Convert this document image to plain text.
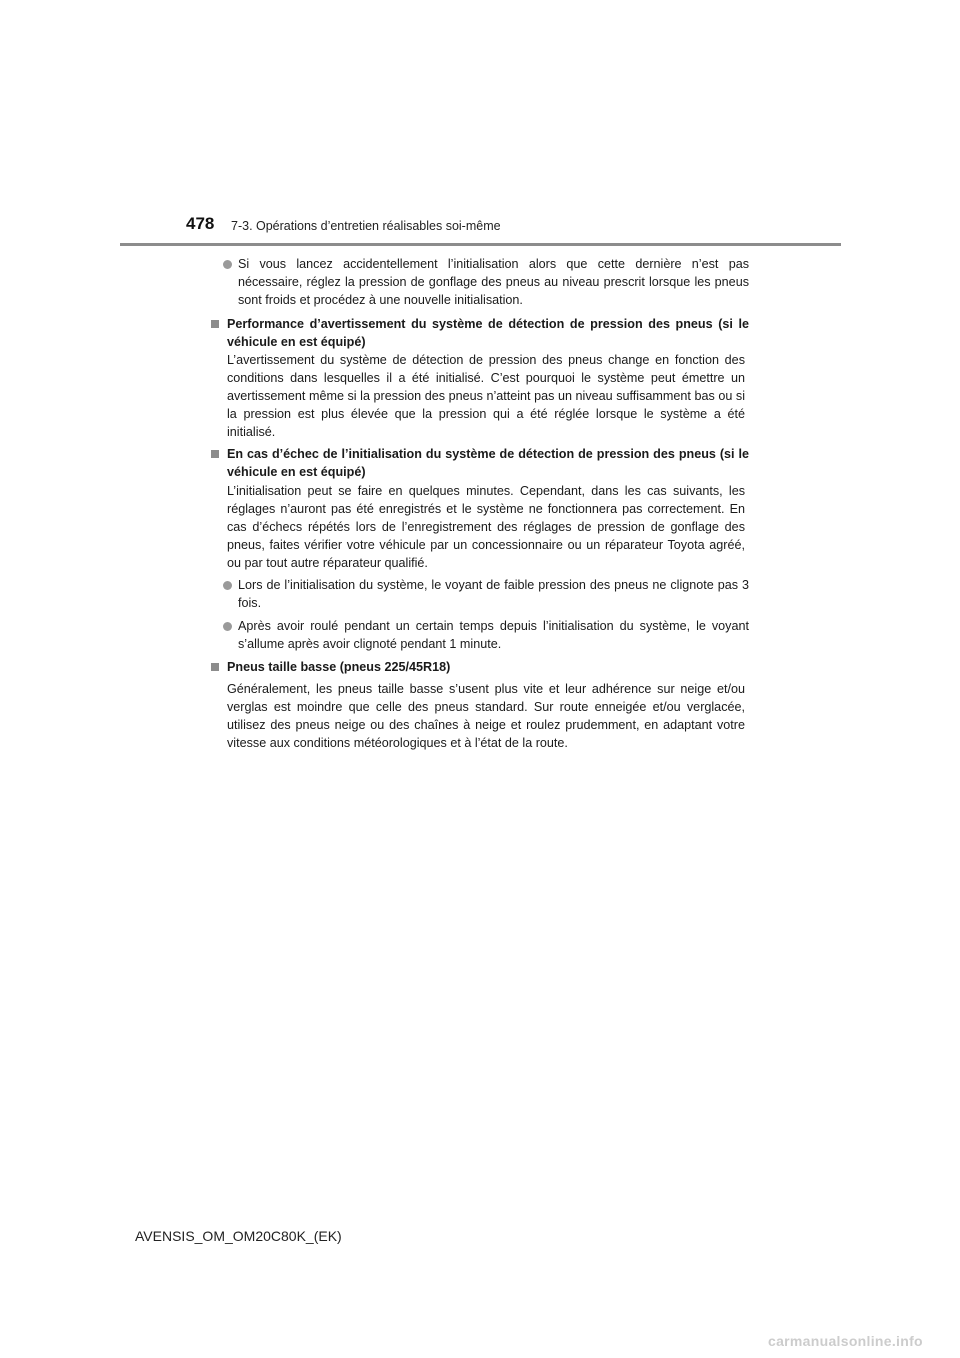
478 7-3. Opérations d’entretien réalisables soi-même
Si vous lancez accidentellement l’initialisation alors que cette dernière n’est pas nécessaire, réglez la pression de gonflage des pneus au niveau prescrit lorsque les pneus sont froids et procédez à une nouvelle initialisation.
Performance d’avertissement du système de détection de pression des pneus (si le véhicule en est équipé)
L’avertissement du système de détection de pression des pneus change en fonction des conditions dans lesquelles il a été initialisé. C’est pourquoi le système peut émettre un avertissement même si la pression des pneus n’atteint pas un niveau suffisamment bas ou si la pression est plus élevée que la pression qui a été réglée lorsque le système a été initialisé.
En cas d’échec de l’initialisation du système de détection de pression des pneus (si le véhicule en est équipé)
L’initialisation peut se faire en quelques minutes. Cependant, dans les cas suivants, les réglages n’auront pas été enregistrés et le système ne fonctionnera pas correctement. En cas d’échecs répétés lors de l’enregistrement des réglages de pression de gonflage des pneus, faites vérifier votre véhicule par un concessionnaire ou un réparateur Toyota agréé, ou par tout autre réparateur qualifié.
Lors de l’initialisation du système, le voyant de faible pression des pneus ne clignote pas 3 fois.
Après avoir roulé pendant un certain temps depuis l’initialisation du système, le voyant s’allume après avoir clignoté pendant 1 minute.
Pneus taille basse (pneus 225/45R18)
Généralement, les pneus taille basse s’usent plus vite et leur adhérence sur neige et/ou verglas est moindre que celle des pneus standard. Sur route enneigée et/ou verglacée, utilisez des pneus neige ou des chaînes à neige et roulez prudemment, en adaptant votre vitesse aux conditions météorologiques et à l’état de la route.
AVENSIS_OM_OM20C80K_(EK)
carmanualsonline.info
